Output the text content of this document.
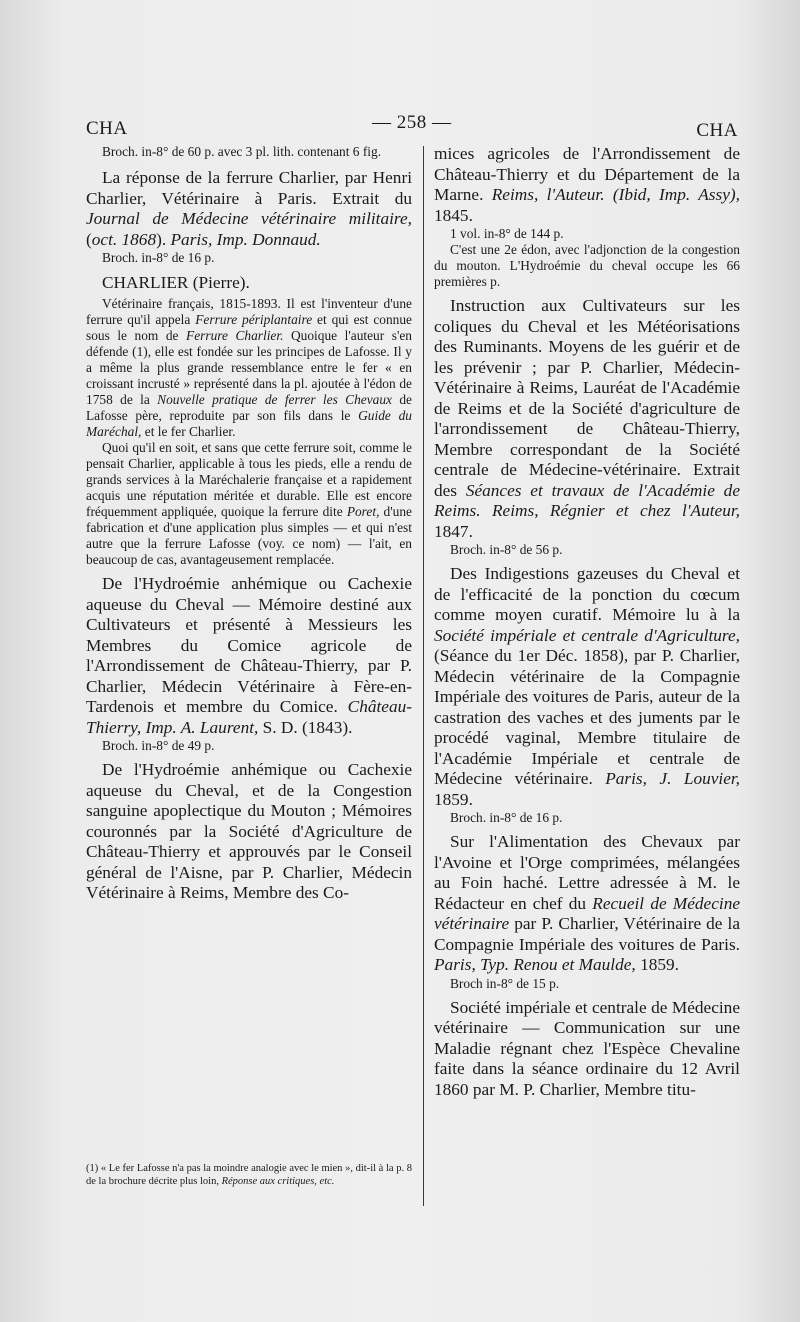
CHA	— 258 —	CHA

Broch. in-8° de 60 p. avec 3 pl. lith. contenant 6 fig.

La réponse de la ferrure Charlier, par Henri Charlier, Vétérinaire à Paris. Extrait du Journal de Médecine vétérinaire militaire, (oct. 1868). Paris, Imp. Donnaud.

Broch. in-8° de 16 p.

CHARLIER (Pierre).

Vétérinaire français, 1815-1893. Il est l'inventeur d'une ferrure qu'il appela Ferrure périplantaire et qui est connue sous le nom de Ferrure Charlier. Quoique l'auteur s'en défende (1), elle est fondée sur les principes de Lafosse. Il y a même la plus grande ressemblance entre le fer « en croissant incrusté » représenté dans la pl. ajoutée à l'édon de 1758 de la Nouvelle pratique de ferrer les Chevaux de Lafosse père, reproduite par son fils dans le Guide du Maréchal, et le fer Charlier.

Quoi qu'il en soit, et sans que cette ferrure soit, comme le pensait Charlier, applicable à tous les pieds, elle a rendu de grands services à la Maréchalerie française et a rapidement acquis une réputation méritée et durable. Elle est encore fréquemment appliquée, quoique la ferrure dite Poret, d'une fabrication et d'une application plus simples — et qui n'est autre que la ferrure Lafosse (voy. ce nom) — l'ait, en beaucoup de cas, avantageusement remplacée.

De l'Hydroémie anhémique ou Cachexie aqueuse du Cheval — Mémoire destiné aux Cultivateurs et présenté à Messieurs les Membres du Comice agricole de l'Arrondissement de Château-Thierry, par P. Charlier, Médecin Vétérinaire à Fère-en-Tardenois et membre du Comice. Château-Thierry, Imp. A. Laurent, S. D. (1843).

Broch. in-8° de 49 p.

De l'Hydroémie anhémique ou Cachexie aqueuse du Cheval, et de la Congestion sanguine apoplectique du Mouton ; Mémoires couronnés par la Société d'Agriculture de Château-Thierry et approuvés par le Conseil général de l'Aisne, par P. Charlier, Médecin Vétérinaire à Reims, Membre des Co-

(1) « Le fer Lafosse n'a pas la moindre analogie avec le mien », dit-il à la p. 8 de la brochure décrite plus loin, Réponse aux critiques, etc.

mices agricoles de l'Arrondissement de Château-Thierry et du Département de la Marne. Reims, l'Auteur. (Ibid, Imp. Assy), 1845.

1 vol. in-8° de 144 p.

C'est une 2e édon, avec l'adjonction de la congestion du mouton. L'Hydroémie du cheval occupe les 66 premières p.

Instruction aux Cultivateurs sur les coliques du Cheval et les Météorisations des Ruminants. Moyens de les guérir et de les prévenir ; par P. Charlier, Médecin-Vétérinaire à Reims, Lauréat de l'Académie de Reims et de la Société d'agriculture de l'arrondissement de Château-Thierry, Membre correspondant de la Société centrale de Médecine-vétérinaire. Extrait des Séances et travaux de l'Académie de Reims. Reims, Régnier et chez l'Auteur, 1847.

Broch. in-8° de 56 p.

Des Indigestions gazeuses du Cheval et de l'efficacité de la ponction du cœcum comme moyen curatif. Mémoire lu à la Société impériale et centrale d'Agriculture, (Séance du 1er Déc. 1858), par P. Charlier, Médecin vétérinaire de la Compagnie Impériale des voitures de Paris, auteur de la castration des vaches et des juments par le procédé vaginal, Membre titulaire de l'Académie Impériale et centrale de Médecine vétérinaire. Paris, J. Louvier, 1859.

Broch. in-8° de 16 p.

Sur l'Alimentation des Chevaux par l'Avoine et l'Orge comprimées, mélangées au Foin haché. Lettre adressée à M. le Rédacteur en chef du Recueil de Médecine vétérinaire par P. Charlier, Vétérinaire de la Compagnie Impériale des voitures de Paris. Paris, Typ. Renou et Maulde, 1859.

Broch in-8° de 15 p.

Société impériale et centrale de Médecine vétérinaire — Communication sur une Maladie régnant chez l'Espèce Chevaline faite dans la séance ordinaire du 12 Avril 1860 par M. P. Charlier, Membre titu-
